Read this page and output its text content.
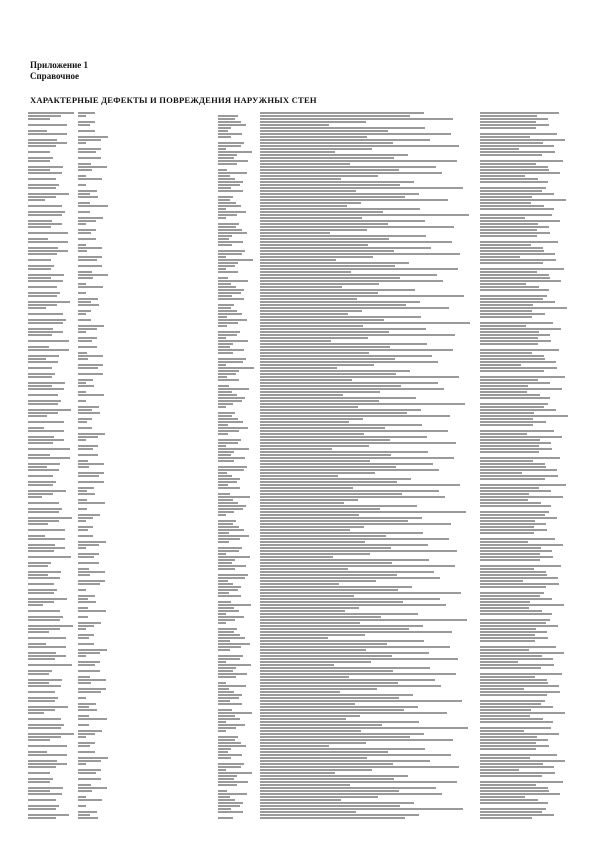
Приложение 1
Справочное
ХАРАКТЕРНЫЕ ДЕФЕКТЫ И ПОВРЕЖДЕНИЯ НАРУЖНЫХ СТЕН
